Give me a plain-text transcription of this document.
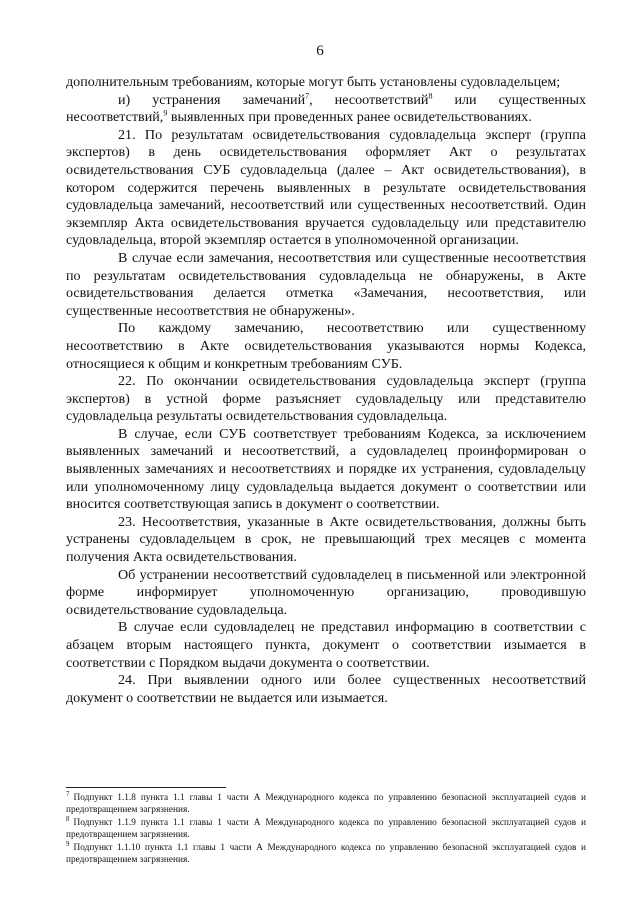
6

дополнительным требованиям, которые могут быть установлены судовладельцем;

и) устранения замечаний$^7$, несоответствий$^8$ или существенных несоответствий,$^9$ выявленных при проведенных ранее освидетельствованиях.

21. По результатам освидетельствования судовладельца эксперт (группа экспертов) в день освидетельствования оформляет Акт о результатах освидетельствования СУБ судовладельца (далее – Акт освидетельствования), в котором содержится перечень выявленных в результате освидетельствования судовладельца замечаний, несоответствий или существенных несоответствий. Один экземпляр Акта освидетельствования вручается судовладельцу или представителю судовладельца, второй экземпляр остается в уполномоченной организации.

В случае если замечания, несоответствия или существенные несоответствия по результатам освидетельствования судовладельца не обнаружены, в Акте освидетельствования делается отметка «Замечания, несоответствия, или существенные несоответствия не обнаружены».

По каждому замечанию, несоответствию или существенному несоответствию в Акте освидетельствования указываются нормы Кодекса, относящиеся к общим и конкретным требованиям СУБ.

22. По окончании освидетельствования судовладельца эксперт (группа экспертов) в устной форме разъясняет судовладельцу или представителю судовладельца результаты освидетельствования судовладельца.

В случае, если СУБ соответствует требованиям Кодекса, за исключением выявленных замечаний и несоответствий, а судовладелец проинформирован о выявленных замечаниях и несоответствиях и порядке их устранения, судовладельцу или уполномоченному лицу судовладельца выдается документ о соответствии или вносится соответствующая запись в документ о соответствии.

23. Несоответствия, указанные в Акте освидетельствования, должны быть устранены судовладельцем в срок, не превышающий трех месяцев с момента получения Акта освидетельствования.

Об устранении несоответствий судовладелец в письменной или электронной форме информирует уполномоченную организацию, проводившую освидетельствование судовладельца.

В случае если судовладелец не представил информацию в соответствии с абзацем вторым настоящего пункта, документ о соответствии изымается в соответствии с Порядком выдачи документа о соответствии.

24. При выявлении одного или более существенных несоответствий документ о соответствии не выдается или изымается.

$^7$ Подпункт 1.1.8 пункта 1.1 главы 1 части А Международного кодекса по управлению безопасной эксплуатацией судов и предотвращением загрязнения.

$^8$ Подпункт 1.1.9 пункта 1.1 главы 1 части А Международного кодекса по управлению безопасной эксплуатацией судов и предотвращением загрязнения.

$^9$ Подпункт 1.1.10 пункта 1.1 главы 1 части А Международного кодекса по управлению безопасной эксплуатацией судов и предотвращением загрязнения.
